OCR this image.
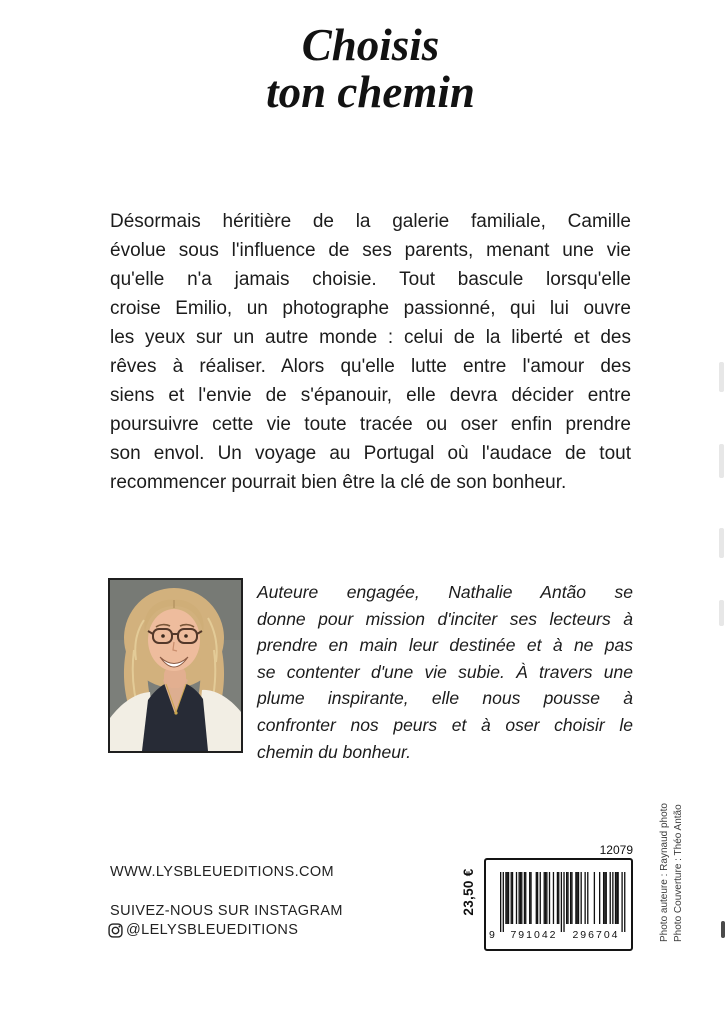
Choisis
ton chemin
Désormais héritière de la galerie familiale, Camille
évolue sous l'influence de ses parents, menant une vie
qu'elle n'a jamais choisie. Tout bascule lorsqu'elle
croise Emilio, un photographe passionné, qui lui ouvre
les yeux sur un autre monde : celui de la liberté et des
rêves à réaliser. Alors qu'elle lutte entre l'amour des
siens et l'envie de s'épanouir, elle devra décider entre
poursuivre cette vie toute tracée ou oser enfin prendre
son envol. Un voyage au Portugal où l'audace de tout
recommencer pourrait bien être la clé de son bonheur.
Auteure engagée, Nathalie Antão se
donne pour mission d'inciter ses lecteurs à
prendre en main leur destinée et à ne pas
se contenter d'une vie subie. À travers une
plume inspirante, elle nous pousse à
confronter nos peurs et à oser choisir le
chemin du bonheur.
WWW.LYSBLEUEDITIONS.COM
SUIVEZ-NOUS SUR INSTAGRAM
@LELYSBLEUEDITIONS
12079
23,50 €
9	791042	296704	Photo auteure : Raynaud photo Photo Couverture : Théo Antão
